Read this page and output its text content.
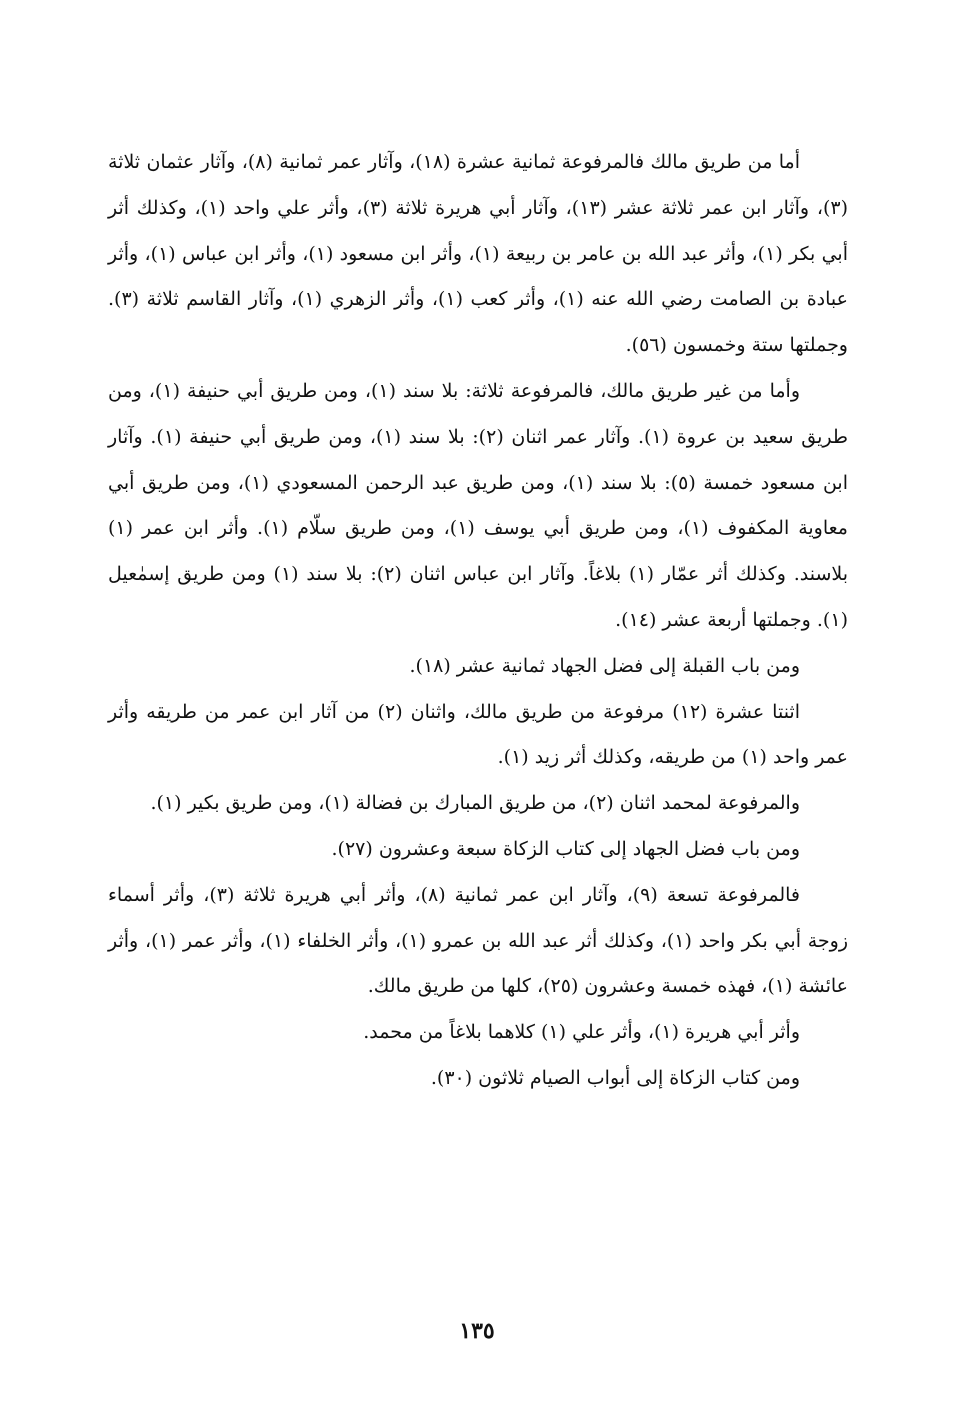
أما من طريق مالك فالمرفوعة ثمانية عشرة (١٨)، وآثار عمر ثمانية (٨)، وآثار عثمان ثلاثة (٣)، وآثار ابن عمر ثلاثة عشر (١٣)، وآثار أبي هريرة ثلاثة (٣)، وأثر علي واحد (١)، وكذلك أثر أبي بكر (١)، وأثر عبد الله بن عامر بن ربيعة (١)، وأثر ابن مسعود (١)، وأثر ابن عباس (١)، وأثر عبادة بن الصامت رضي الله عنه (١)، وأثر كعب (١)، وأثر الزهري (١)، وآثار القاسم ثلاثة (٣). وجملتها ستة وخمسون (٥٦).

وأما من غير طريق مالك، فالمرفوعة ثلاثة: بلا سند (١)، ومن طريق أبي حنيفة (١)، ومن طريق سعيد بن عروة (١). وآثار عمر اثنان (٢): بلا سند (١)، ومن طريق أبي حنيفة (١). وآثار ابن مسعود خمسة (٥): بلا سند (١)، ومن طريق عبد الرحمن المسعودي (١)، ومن طريق أبي معاوية المكفوف (١)، ومن طريق أبي يوسف (١)، ومن طريق سلّام (١). وأثر ابن عمر (١) بلاسند. وكذلك أثر عمّار (١) بلاغاً. وآثار ابن عباس اثنان (٢): بلا سند (١) ومن طريق إسمٰعيل (١). وجملتها أربعة عشر (١٤).

ومن باب القبلة إلى فضل الجهاد ثمانية عشر (١٨).

اثنتا عشرة (١٢) مرفوعة من طريق مالك، واثنان (٢) من آثار ابن عمر من طريقه وأثر عمر واحد (١) من طريقه، وكذلك أثر زيد (١).

والمرفوعة لمحمد اثنان (٢)، من طريق المبارك بن فضالة (١)، ومن طريق بكير (١).

ومن باب فضل الجهاد إلى كتاب الزكاة سبعة وعشرون (٢٧).

فالمرفوعة تسعة (٩)، وآثار ابن عمر ثمانية (٨)، وأثر أبي هريرة ثلاثة (٣)، وأثر أسماء زوجة أبي بكر واحد (١)، وكذلك أثر عبد الله بن عمرو (١)، وأثر الخلفاء (١)، وأثر عمر (١)، وأثر عائشة (١)، فهذه خمسة وعشرون (٢٥)، كلها من طريق مالك.

وأثر أبي هريرة (١)، وأثر علي (١) كلاهما بلاغاً من محمد.

ومن كتاب الزكاة إلى أبواب الصيام ثلاثون (٣٠).

١٣٥
